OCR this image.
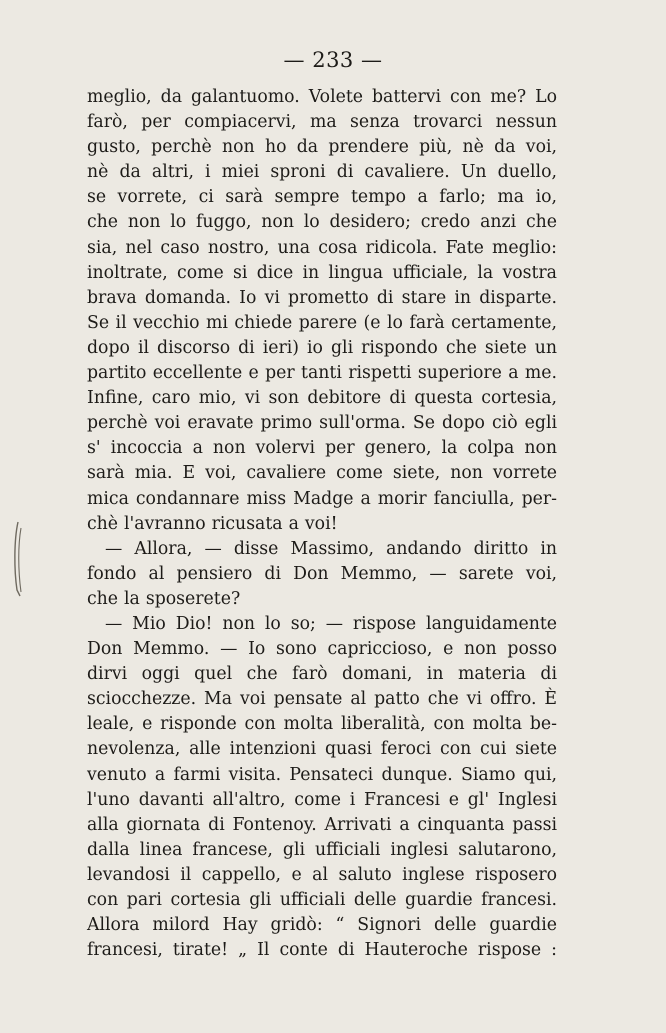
— 233 —
meglio, da galantuomo. Volete battervi con me? Lo
farò, per compiacervi, ma senza trovarci nessun
gusto, perchè non ho da prendere più, nè da voi,
nè da altri, i miei sproni di cavaliere. Un duello,
se vorrete, ci sarà sempre tempo a farlo; ma io,
che non lo fuggo, non lo desidero; credo anzi che
sia, nel caso nostro, una cosa ridicola. Fate meglio:
inoltrate, come si dice in lingua ufficiale, la vostra
brava domanda. Io vi prometto di stare in disparte.
Se il vecchio mi chiede parere (e lo farà certamente,
dopo il discorso di ieri) io gli rispondo che siete un
partito eccellente e per tanti rispetti superiore a me.
Infine, caro mio, vi son debitore di questa cortesia,
perchè voi eravate primo sull'orma. Se dopo ciò egli
s' incoccia a non volervi per genero, la colpa non
sarà mia. E voi, cavaliere come siete, non vorrete
mica condannare miss Madge a morir fanciulla, per-
chè l'avranno ricusata a voi!
— Allora, — disse Massimo, andando diritto in
fondo al pensiero di Don Memmo, — sarete voi,
che la sposerete?
— Mio Dio! non lo so; — rispose languidamente
Don Memmo. — Io sono capriccioso, e non posso
dirvi oggi quel che farò domani, in materia di
sciocchezze. Ma voi pensate al patto che vi offro. È
leale, e risponde con molta liberalità, con molta be-
nevolenza, alle intenzioni quasi feroci con cui siete
venuto a farmi visita. Pensateci dunque. Siamo qui,
l'uno davanti all'altro, come i Francesi e gl' Inglesi
alla giornata di Fontenoy. Arrivati a cinquanta passi
dalla linea francese, gli ufficiali inglesi salutarono,
levandosi il cappello, e al saluto inglese risposero
con pari cortesia gli ufficiali delle guardie francesi.
Allora milord Hay gridò: “ Signori delle guardie
francesi, tirate! „ Il conte di Hauteroche rispose :
